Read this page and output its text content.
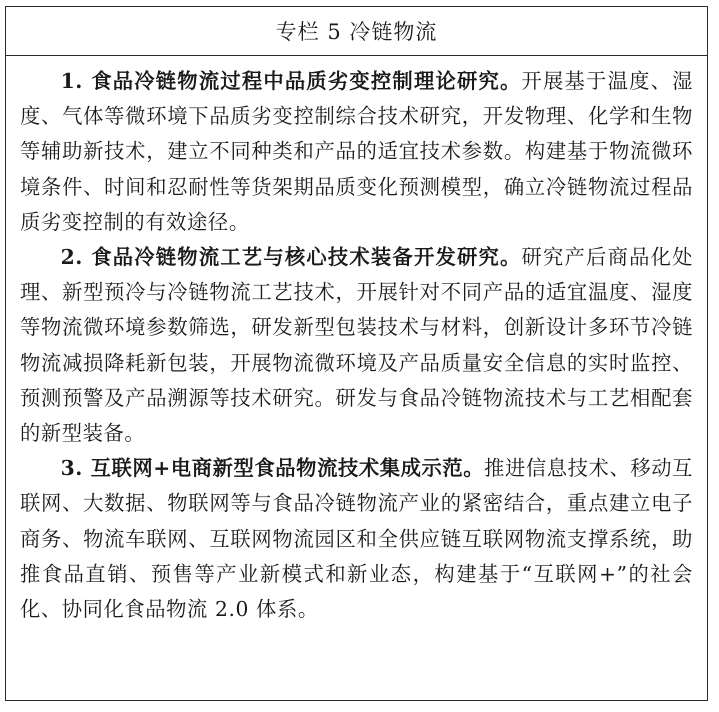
专栏 5 冷链物流

1. 食品冷链物流过程中品质劣变控制理论研究。开展基于温度、湿度、气体等微环境下品质劣变控制综合技术研究，开发物理、化学和生物等辅助新技术，建立不同种类和产品的适宜技术参数。构建基于物流微环境条件、时间和忍耐性等货架期品质变化预测模型，确立冷链物流过程品质劣变控制的有效途径。

2. 食品冷链物流工艺与核心技术装备开发研究。研究产后商品化处理、新型预冷与冷链物流工艺技术，开展针对不同产品的适宜温度、湿度等物流微环境参数筛选，研发新型包装技术与材料，创新设计多环节冷链物流减损降耗新包装，开展物流微环境及产品质量安全信息的实时监控、预测预警及产品溯源等技术研究。研发与食品冷链物流技术与工艺相配套的新型装备。

3. 互联网+电商新型食品物流技术集成示范。推进信息技术、移动互联网、大数据、物联网等与食品冷链物流产业的紧密结合，重点建立电子商务、物流车联网、互联网物流园区和全供应链互联网物流支撑系统，助推食品直销、预售等产业新模式和新业态，构建基于“互联网+”的社会化、协同化食品物流 2.0 体系。
